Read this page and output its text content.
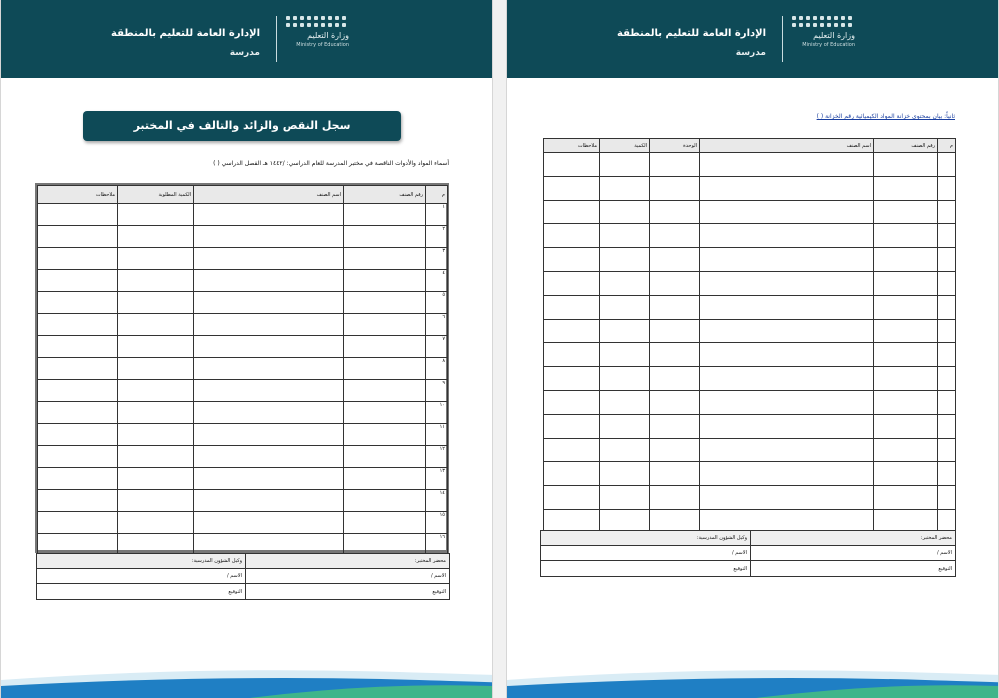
وزارة التعليم
Ministry of Education
الإدارة العامة للتعليم بالمنطقة
مدرسة
سجل النقص والزائد والتالف في المختبر
أسماء المواد والأدوات الناقصة في مختبر المدرسة للعام الدراسي: /١٤٤٢ هـ الفصل الدراسي ( )
م	رقم الصنف	اسم الصنف	الكمية المطلوبة	ملاحظات
١				
٢				
٣				
٤				
٥				
٦				
٧				
٨				
٩				
١٠				
١١				
١٢				
١٣				
١٤				
١٥				
١٦				
محضر المختبر:	وكيل الشؤون المدرسية:
الاسم /	الاسم /
التوقيع	التوقيع
وزارة التعليم
Ministry of Education
الإدارة العامة للتعليم بالمنطقة
مدرسة
ثانياً: بيان بمحتوى خزانة المواد الكيميائية رقم الخزانة ( )
م	رقم الصنف	اسم الصنف	الوحدة	الكمية	ملاحظات

محضر المختبر:	وكيل الشؤون المدرسية:
الاسم /	الاسم /
التوقيع	التوقيع
